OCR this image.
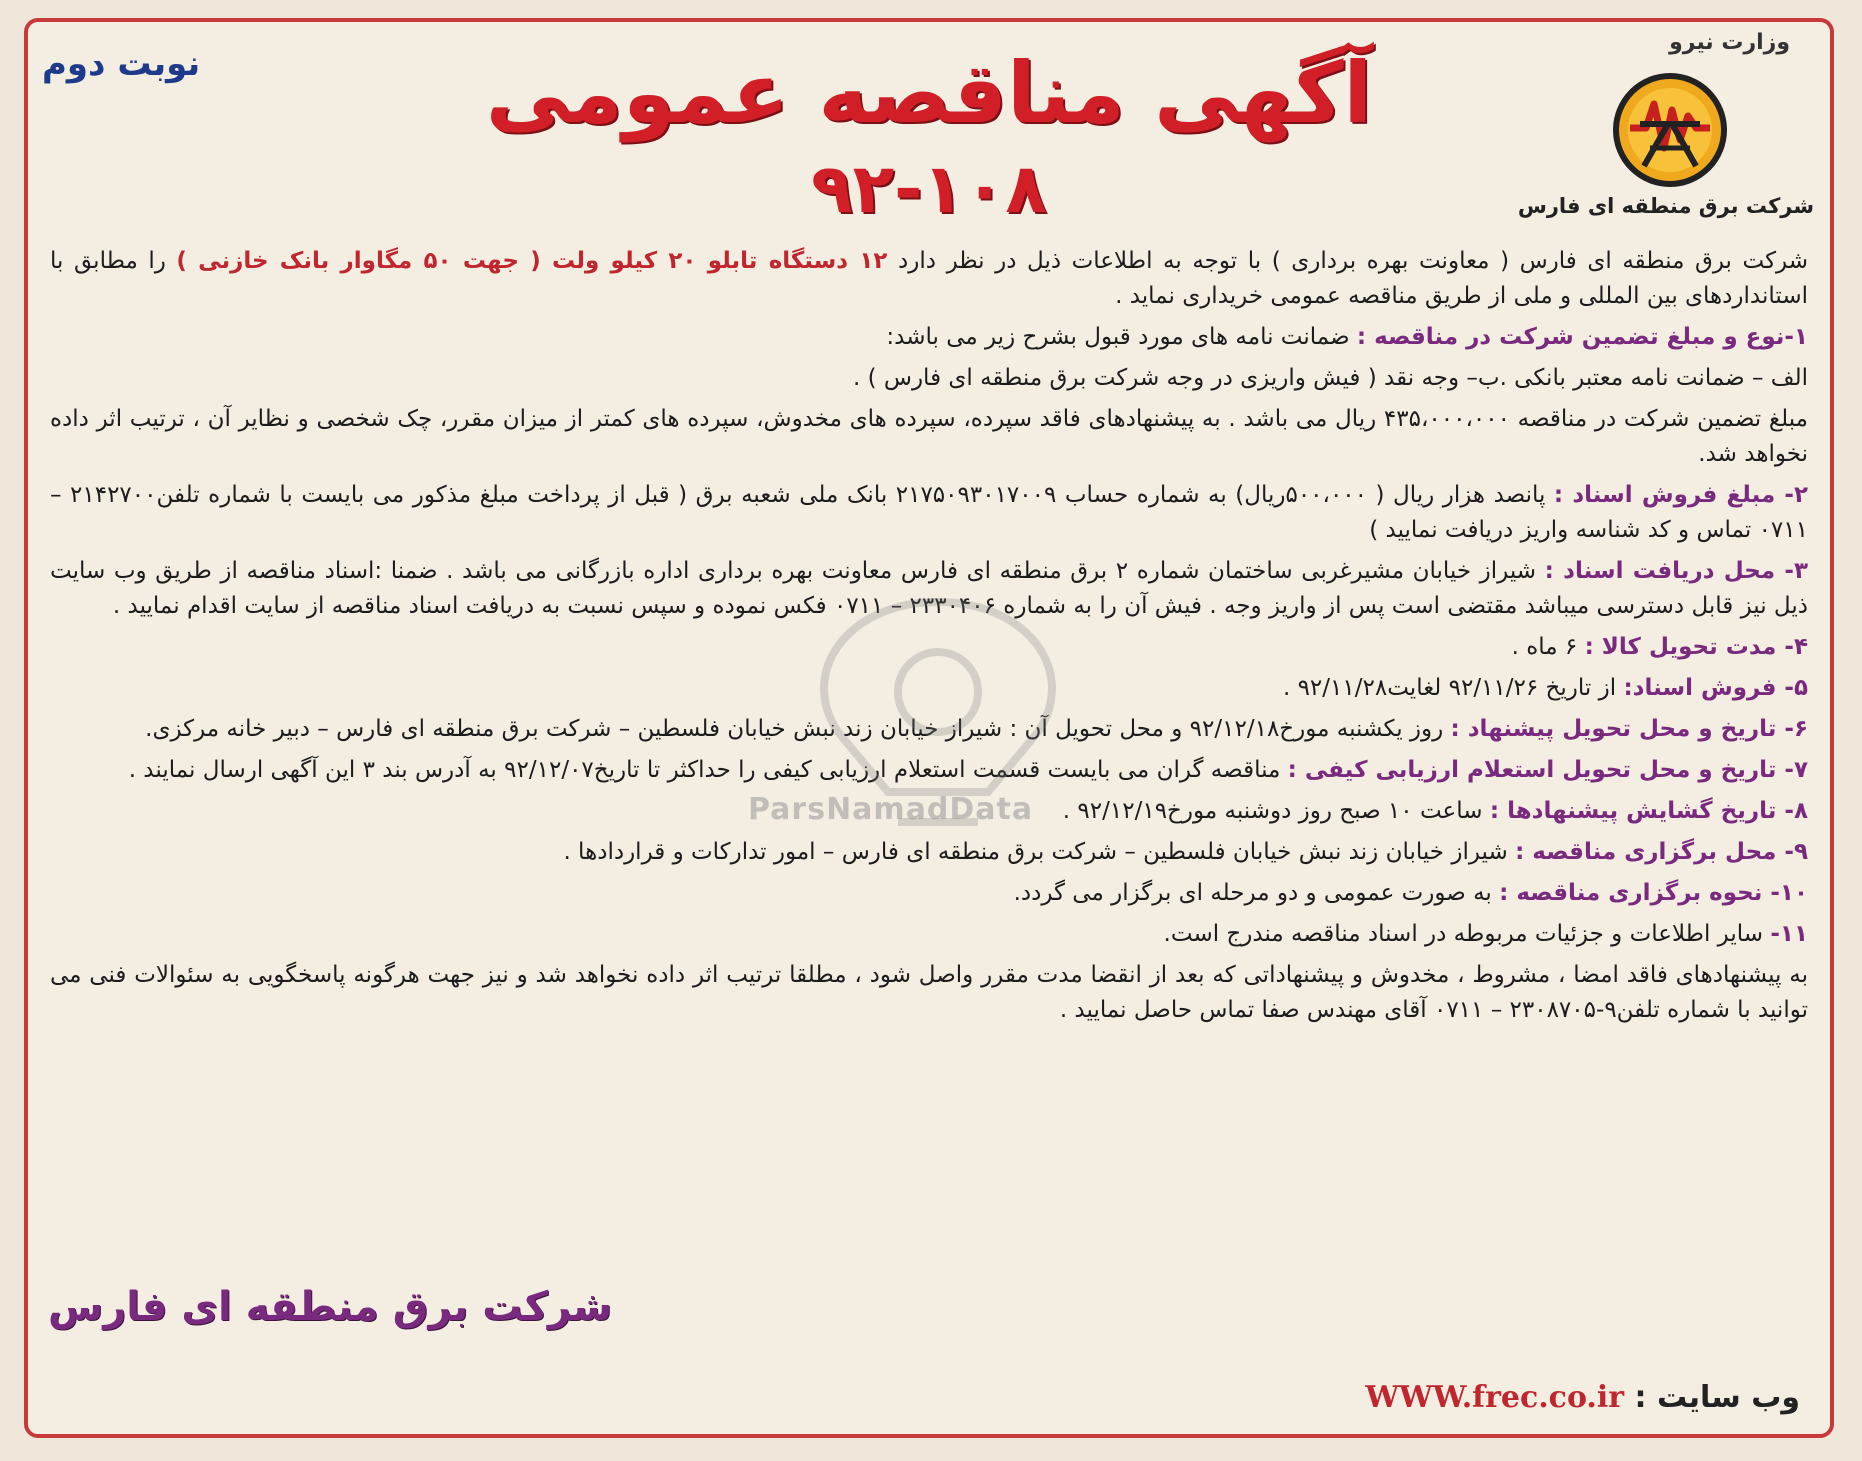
وزارت نیرو
شرکت برق منطقه ای فارس
نوبت دوم	آگهی مناقصه عمومی
۹۲-۱۰۸

شرکت برق منطقه ای فارس ( معاونت بهره برداری ) با توجه به اطلاعات ذیل در نظر دارد ۱۲ دستگاه تابلو ۲۰ کیلو ولت ( جهت ۵۰ مگاوار بانک خازنی ) را مطابق با استانداردهای بین المللی و ملی از طریق مناقصه عمومی خریداری نماید .

۱-نوع و مبلغ تضمین شرکت در مناقصه : ضمانت نامه های مورد قبول بشرح زیر می باشد:

الف – ضمانت نامه معتبر بانکی .ب– وجه نقد ( فیش واریزی در وجه شرکت برق منطقه ای فارس ) .

مبلغ تضمین شرکت در مناقصه ۴۳۵،۰۰۰،۰۰۰ ریال می باشد . به پیشنهادهای فاقد سپرده، سپرده های مخدوش، سپرده های کمتر از میزان مقرر، چک شخصی و نظایر آن ، ترتیب اثر داده نخواهد شد.

۲- مبلغ فروش اسناد : پانصد هزار ریال ( ۵۰۰،۰۰۰ریال) به شماره حساب ۲۱۷۵۰۹۳۰۱۷۰۰۹ بانک ملی شعبه برق ( قبل از پرداخت مبلغ مذکور می بایست با شماره تلفن۲۱۴۲۷۰۰ – ۰۷۱۱ تماس و کد شناسه واریز دریافت نمایید )

۳- محل دریافت اسناد : شیراز خیابان مشیرغربی ساختمان شماره ۲ برق منطقه ای فارس معاونت بهره برداری اداره بازرگانی می باشد . ضمنا :اسناد مناقصه از طریق وب سایت ذیل نیز قابل دسترسی میباشد مقتضی است پس از واریز وجه . فیش آن را به شماره ۲۳۳۰۴۰۶ – ۰۷۱۱ فکس نموده و سپس نسبت به دریافت اسناد مناقصه از سایت اقدام نمایید .

۴- مدت تحویل کالا : ۶ ماه .

۵- فروش اسناد: از تاریخ ۹۲/۱۱/۲۶ لغایت۹۲/۱۱/۲۸ .

۶- تاریخ و محل تحویل پیشنهاد : روز یکشنبه مورخ۹۲/۱۲/۱۸ و محل تحویل آن : شیراز خیابان زند نبش خیابان فلسطین – شرکت برق منطقه ای فارس – دبیر خانه مرکزی.

۷- تاریخ و محل تحویل استعلام ارزیابی کیفی : مناقصه گران می بایست قسمت استعلام ارزیابی کیفی را حداکثر تا تاریخ۹۲/۱۲/۰۷ به آدرس بند ۳ این آگهی ارسال نمایند .

۸- تاریخ گشایش پیشنهادها : ساعت ۱۰ صبح روز دوشنبه مورخ۹۲/۱۲/۱۹ .

۹- محل برگزاری مناقصه : شیراز خیابان زند نبش خیابان فلسطین – شرکت برق منطقه ای فارس – امور تدارکات و قراردادها .

۱۰- نحوه برگزاری مناقصه : به صورت عمومی و دو مرحله ای برگزار می گردد.

۱۱- سایر اطلاعات و جزئیات مربوطه در اسناد مناقصه مندرج است.

به پیشنهادهای فاقد امضا ، مشروط ، مخدوش و پیشنهاداتی که بعد از انقضا مدت مقرر واصل شود ، مطلقا ترتیب اثر داده نخواهد شد و نیز جهت هرگونه پاسخگویی به سئوالات فنی می توانید با شماره تلفن۹-۲۳۰۸۷۰۵ – ۰۷۱۱ آقای مهندس صفا تماس حاصل نمایید .

ParsNamadData
شرکت برق منطقه ای فارس
وب سایت : WWW.frec.co.ir
